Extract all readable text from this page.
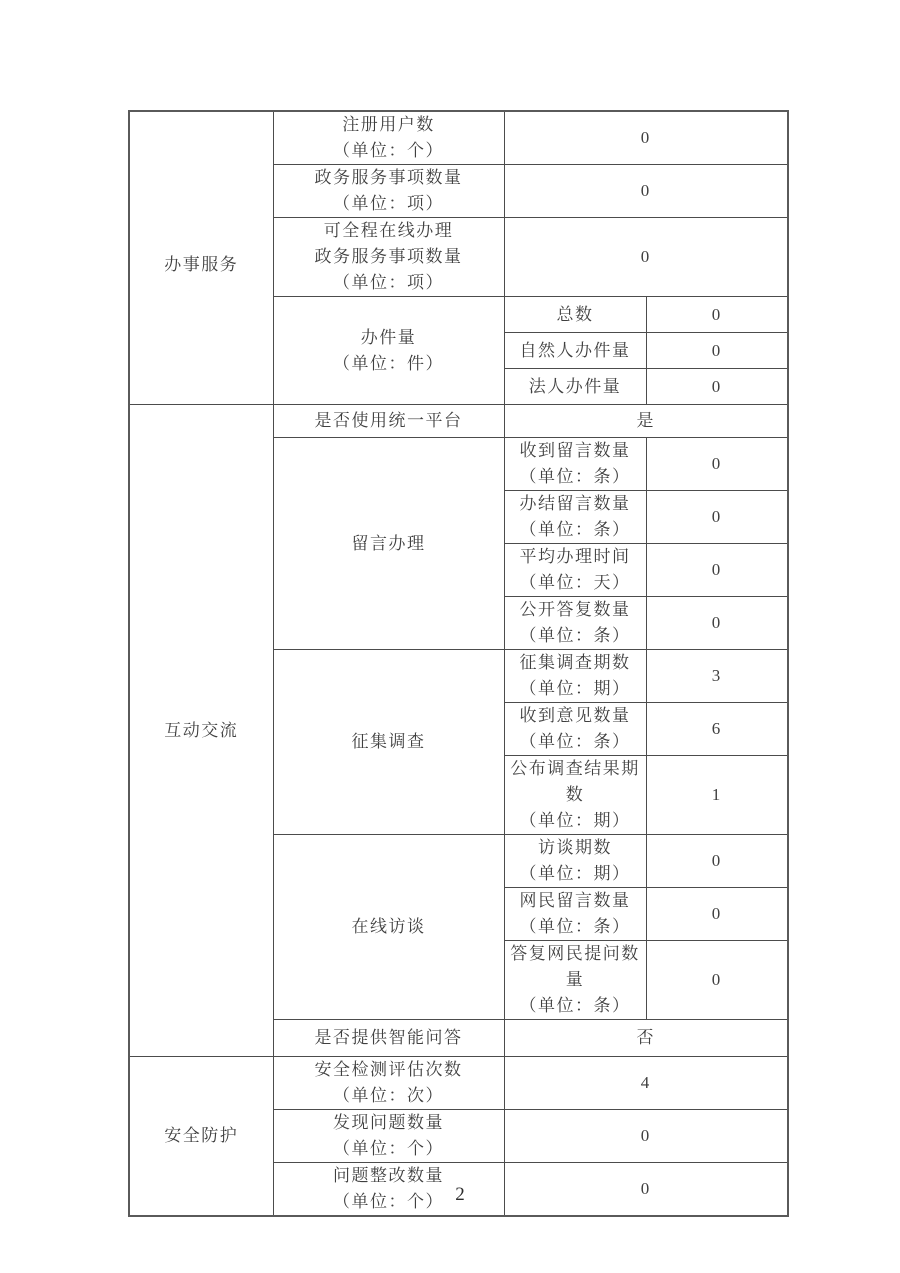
办事服务	注册用户数
（单位：个）	0	

	政务服务事项数量
（单位：项）	0	

	可全程在线办理
政务服务事项数量
（单位：项）	0	

	办件量
（单位：件）	总数	0
		自然人办件量	0
		法人办件量	0
互动交流	是否使用统一平台	是	
	留言办理	收到留言数量
（单位：条）	0

		办结留言数量
（单位：条）	0

		平均办理时间
（单位：天）	0

		公开答复数量
（单位：条）	0
	征集调查	征集调查期数
（单位：期）	3

		收到意见数量
（单位：条）	6

		公布调查结果期数
（单位：期）	1
	在线访谈	访谈期数
（单位：期）	0

		网民留言数量
（单位：条）	0

		答复网民提问数量
（单位：条）	0
	是否提供智能问答	否	
安全防护	安全检测评估次数
（单位：次）	4	

	发现问题数量
（单位：个）	0	

	问题整改数量
（单位：个）	0	
2
